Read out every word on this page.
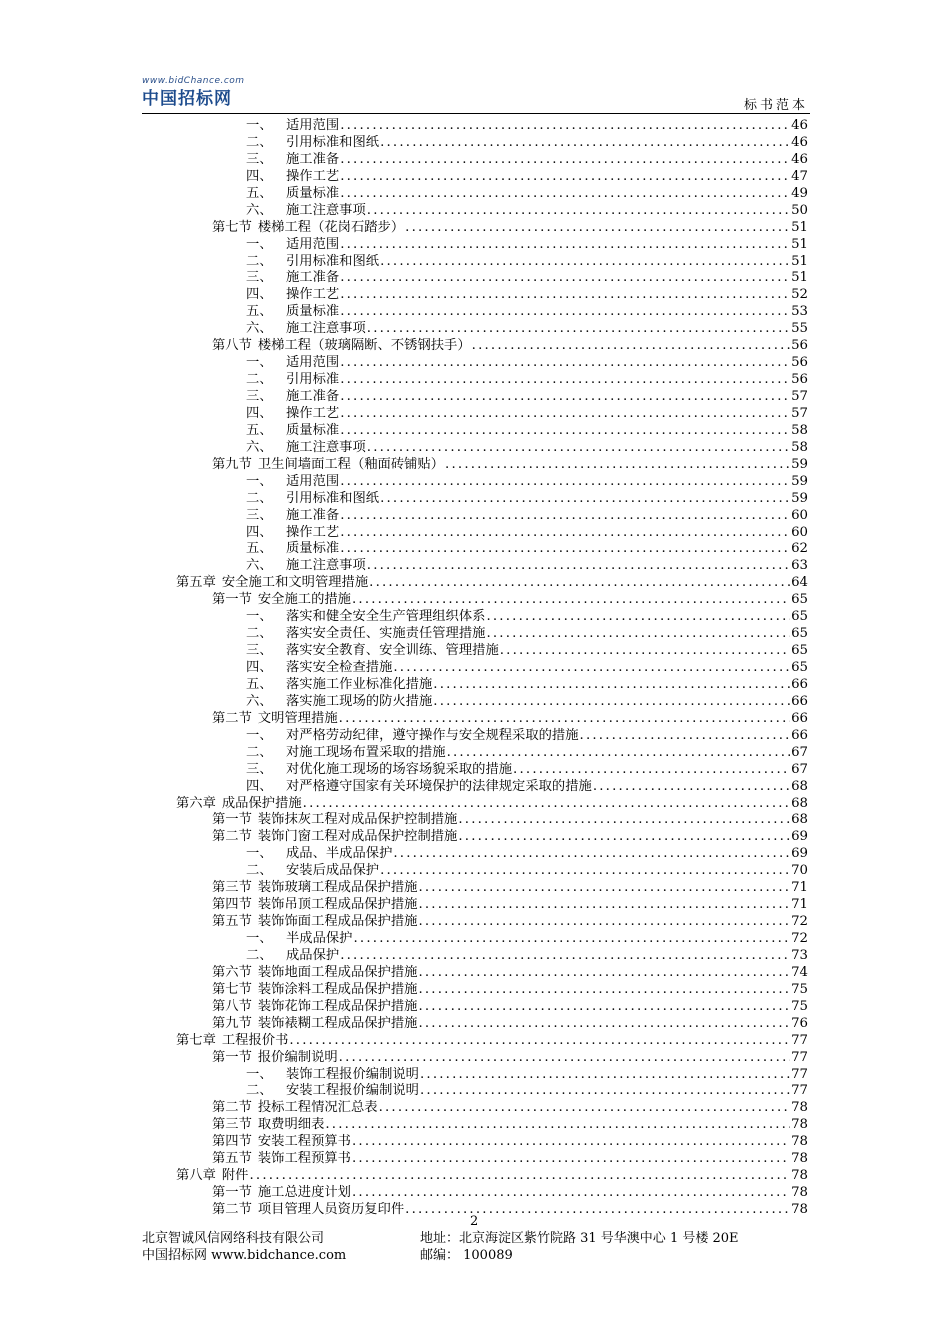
www.bidChance.com
中国招标网	标书范本
一、 适用范围 .....	46
二、 引用标准和图纸 .....	46
三、 施工准备 .....	46
四、 操作工艺 .....	47
五、 质量标准 .....	49
六、 施工注意事项 .....	50
第七节 楼梯工程（花岗石踏步） .....	51
一、 适用范围 .....	51
二、 引用标准和图纸 .....	51
三、 施工准备 .....	51
四、 操作工艺 .....	52
五、 质量标准 .....	53
六、 施工注意事项 .....	55
第八节 楼梯工程（玻璃隔断、不锈钢扶手） .....	56
一、 适用范围 .....	56
二、 引用标准 .....	56
三、 施工准备 .....	57
四、 操作工艺 .....	57
五、 质量标准 .....	58
六、 施工注意事项 .....	58
第九节 卫生间墙面工程（釉面砖铺贴） .....	59
一、 适用范围 .....	59
二、 引用标准和图纸 .....	59
三、 施工准备 .....	60
四、 操作工艺 .....	60
五、 质量标准 .....	62
六、 施工注意事项 .....	63
第五章 安全施工和文明管理措施 .....	64
第一节 安全施工的措施 .....	65
一、 落实和健全安全生产管理组织体系 .....	65
二、 落实安全责任、实施责任管理措施 .....	65
三、 落实安全教育、安全训练、管理措施 .....	65
四、 落实安全检查措施 .....	65
五、 落实施工作业标准化措施 .....	66
六、 落实施工现场的防火措施 .....	66
第二节 文明管理措施 .....	66
一、 对严格劳动纪律，遵守操作与安全规程采取的措施 .....	66
二、 对施工现场布置采取的措施 .....	67
三、 对优化施工现场的场容场貌采取的措施 .....	67
四、 对严格遵守国家有关环境保护的法律规定采取的措施 .....	68
第六章 成品保护措施 .....	68
第一节 装饰抹灰工程对成品保护控制措施 .....	68
第二节 装饰门窗工程对成品保护控制措施 .....	69
一、 成品、半成品保护 .....	69
二、 安装后成品保护 .....	70
第三节 装饰玻璃工程成品保护措施 .....	71
第四节 装饰吊顶工程成品保护措施 .....	71
第五节 装饰饰面工程成品保护措施 .....	72
一、 半成品保护 .....	72
二、 成品保护 .....	73
第六节 装饰地面工程成品保护措施 .....	74
第七节 装饰涂料工程成品保护措施 .....	75
第八节 装饰花饰工程成品保护措施 .....	75
第九节 装饰裱糊工程成品保护措施 .....	76
第七章 工程报价书 .....	77
第一节 报价编制说明 .....	77
一、 装饰工程报价编制说明 .....	77
二、 安装工程报价编制说明 .....	77
第二节 投标工程情况汇总表 .....	78
第三节 取费明细表 .....	78
第四节 安装工程预算书 .....	78
第五节 装饰工程预算书 .....	78
第八章 附件 .....	78
第一节 施工总进度计划 .....	78
第二节 项目管理人员资历复印件 .....	78
2
北京智诚风信网络科技有限公司	地址：北京海淀区紫竹院路 31 号华澳中心 1 号楼 20E
中国招标网 www.bidchance.com	邮编： 100089
